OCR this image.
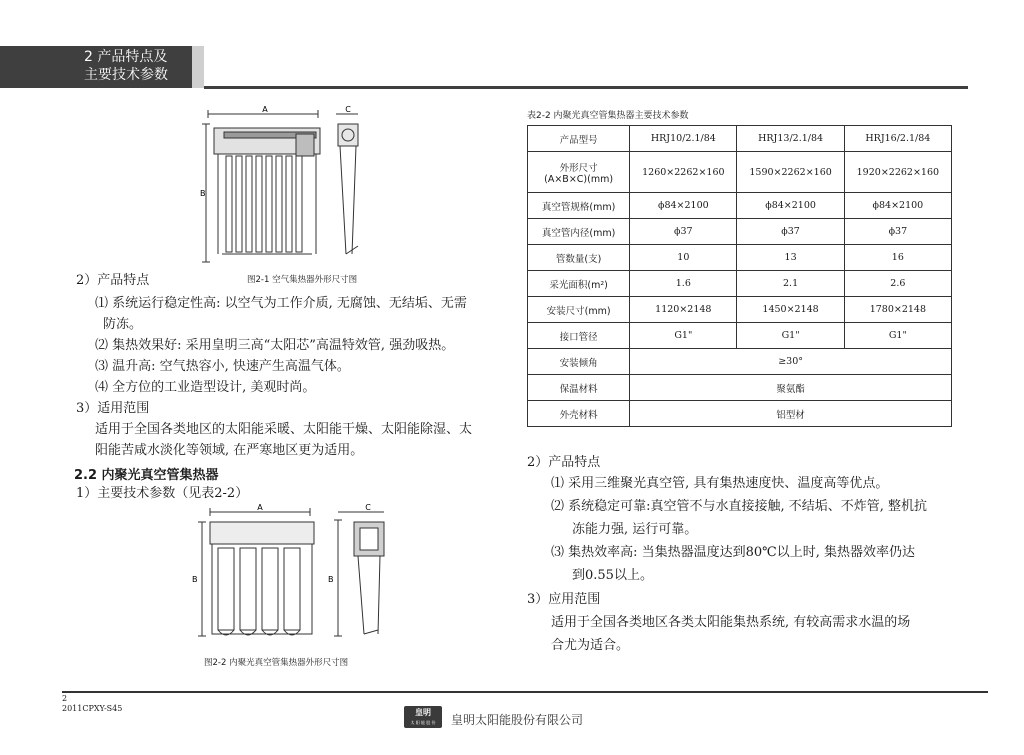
2 产品特点及
主要技术参数
A
B
C
图2-1 空气集热器外形尺寸图
2）产品特点
⑴ 系统运行稳定性高: 以空气为工作介质, 无腐蚀、无结垢、无需
防冻。
⑵ 集热效果好: 采用皇明三高“太阳芯”高温特效管, 强劲吸热。
⑶ 温升高: 空气热容小, 快速产生高温气体。
⑷ 全方位的工业造型设计, 美观时尚。
3）适用范围
适用于全国各类地区的太阳能采暖、太阳能干燥、太阳能除湿、太
阳能苦咸水淡化等领域, 在严寒地区更为适用。
2.2 内聚光真空管集热器
1）主要技术参数（见表2-2）
A
B	B
C
图2-2 内聚光真空管集热器外形尺寸图
表2-2 内聚光真空管集热器主要技术参数
产品型号	HRJ10/2.1/84	HRJ13/2.1/84	HRJ16/2.1/84

外形尺寸
(A×B×C)(mm)	1260×2262×160	1590×2262×160	1920×2262×160
真空管规格(mm)	ϕ84×2100	ϕ84×2100	ϕ84×2100
真空管内径(mm)	ϕ37	ϕ37	ϕ37
管数量(支)	10	13	16
采光面积(m²)	1.6	2.1	2.6
安装尺寸(mm)	1120×2148	1450×2148	1780×2148
接口管径	G1"	G1"	G1"
安装倾角	≥30°		
保温材料	聚氨酯		
外壳材料	铝型材		
2）产品特点
⑴ 采用三维聚光真空管, 具有集热速度快、温度高等优点。
⑵ 系统稳定可靠:真空管不与水直接接触, 不结垢、不炸管, 整机抗
冻能力强, 运行可靠。
⑶ 集热效率高: 当集热器温度达到80℃以上时, 集热器效率仍达
到0.55以上。
3）应用范围
适用于全国各类地区各类太阳能集热系统, 有较高需求水温的场
合尤为适合。
2
2011CPXY-S45	皇明
太 阳 能 股 份	皇明太阳能股份有限公司
